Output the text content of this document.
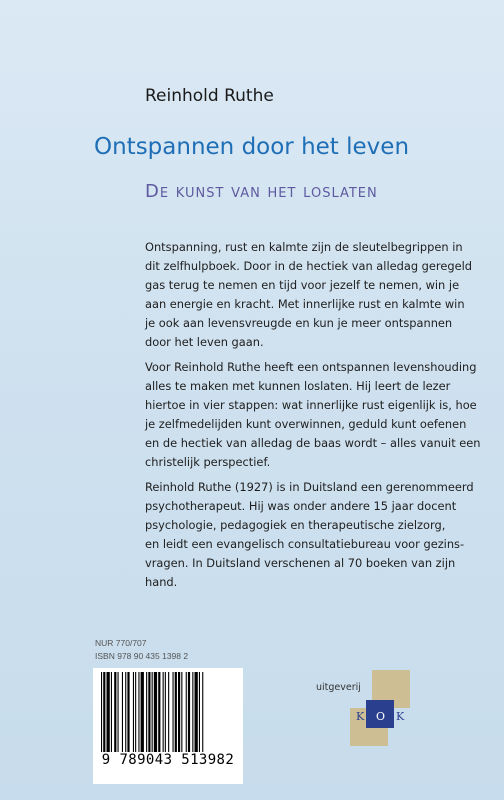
Reinhold Ruthe
Ontspannen door het leven
De kunst van het loslaten

Ontspanning, rust en kalmte zijn de sleutelbegrippen in
dit zelfhulpboek. Door in de hectiek van alledag geregeld
gas terug te nemen en tijd voor jezelf te nemen, win je
aan energie en kracht. Met innerlijke rust en kalmte win
je ook aan levensvreugde en kun je meer ontspannen
door het leven gaan.

Voor Reinhold Ruthe heeft een ontspannen levenshouding
alles te maken met kunnen loslaten. Hij leert de lezer
hiertoe in vier stappen: wat innerlijke rust eigenlijk is, hoe
je zelfmedelijden kunt overwinnen, geduld kunt oefenen
en de hectiek van alledag de baas wordt – alles vanuit een
christelijk perspectief.

Reinhold Ruthe (1927) is in Duitsland een gerenommeerd
psychotherapeut. Hij was onder andere 15 jaar docent
psychologie, pedagogiek en therapeutische zielzorg,
en leidt een evangelisch consultatiebureau voor gezins-
vragen. In Duitsland verschenen al 70 boeken van zijn
hand.

NUR 770/707
ISBN 978 90 435 1398 2
9 789043 513982
uitgeverij
K O K
